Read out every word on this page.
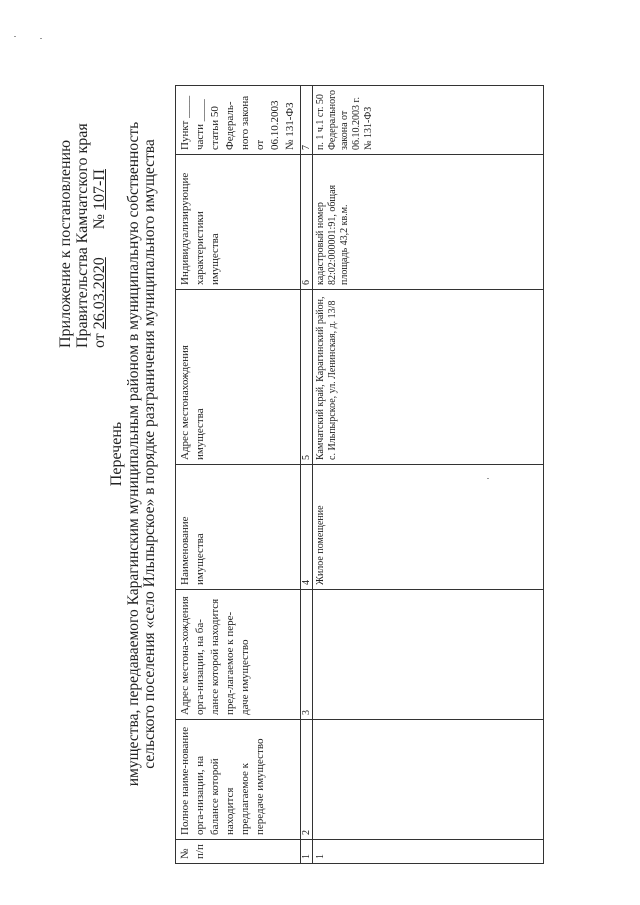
Приложение к постановлению Правительства Камчатского края от 26.03.2020       № 107-П
Перечень имущества, передаваемого Карагинским муниципальным районом в муниципальную собственность сельского поселения «село Ильпырское» в порядке разграничения муниципального имущества
№ п/п	Полное наиме-нование орга-низации, на балансе которой находится предлагаемое к передаче имущество	Адрес местона-хождения орга-низации, на ба-лансе которой находится пред-лагаемое к пере-даче имущество	Наименование имущества	Адрес местонахождения имущества	Индивидуализирующие характеристики имущества	Пункт ____ части ____ статьи 50 Федераль-ного закона от 06.10.2003 № 131-ФЗ
1	2	3	4	5	6	7
1			Жилое помещение	Камчатский край, Карагинский район, с. Ильпырское, ул. Ленинская, д. 13/8	кадастровый номер 82:02:000001:91, общая площадь 43,2 кв.м.	п. 1 ч.1 ст. 50 Федерального закона от 06.10.2003 г. № 131-ФЗ
